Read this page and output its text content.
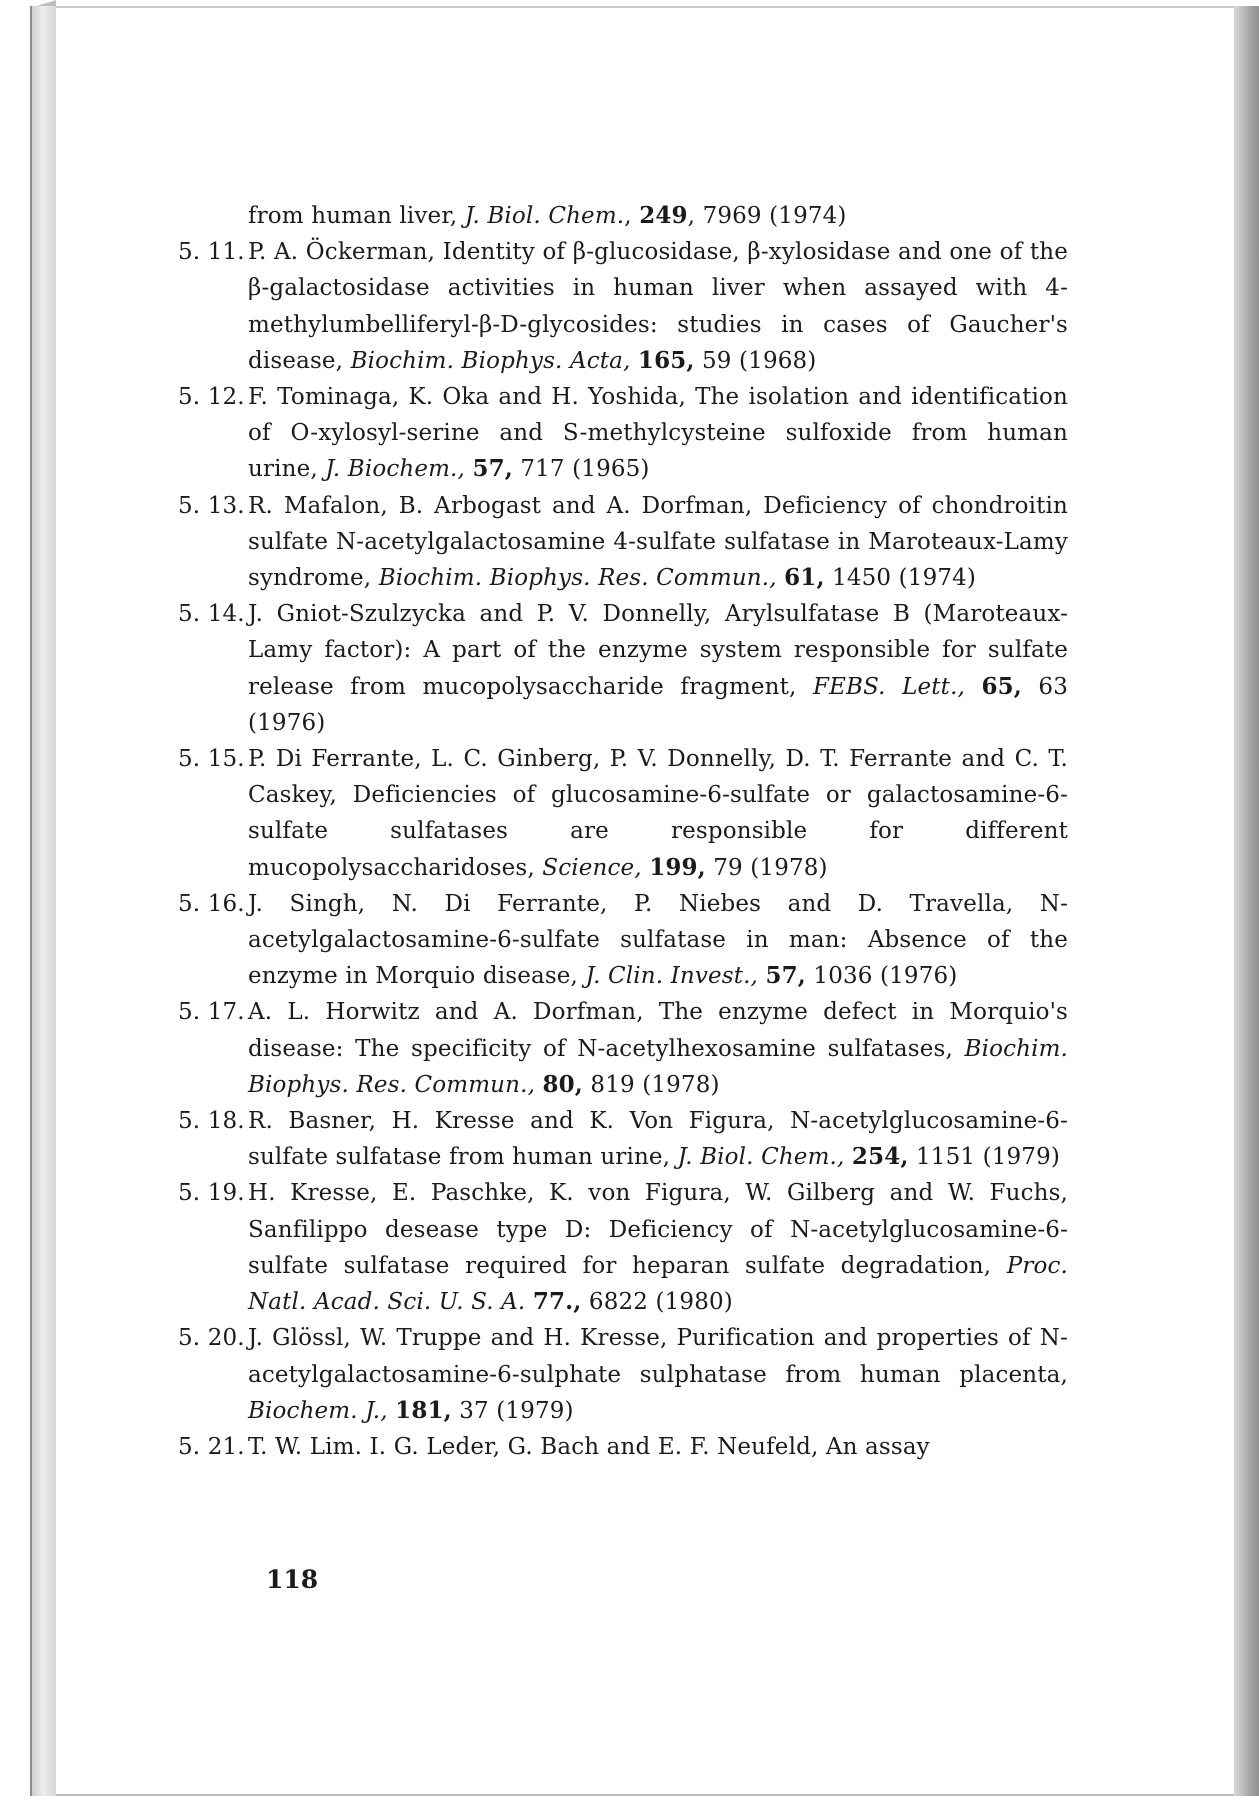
from human liver, J. Biol. Chem., 249, 7969 (1974)
5. 11. P. A. Öckerman, Identity of β-glucosidase, β-xylosidase and one of the β-galactosidase activities in human liver when assayed with 4-methylumbelliferyl-β-D-glycosides: studies in cases of Gaucher's disease, Biochim. Biophys. Acta, 165, 59 (1968)
5. 12. F. Tominaga, K. Oka and H. Yoshida, The isolation and identification of O-xylosyl-serine and S-methylcysteine sulfoxide from human urine, J. Biochem., 57, 717 (1965)
5. 13. R. Mafalon, B. Arbogast and A. Dorfman, Deficiency of chondroitin sulfate N-acetylgalactosamine 4-sulfate sulfatase in Maroteaux-Lamy syndrome, Biochim. Biophys. Res. Commun., 61, 1450 (1974)
5. 14. J. Gniot-Szulzycka and P. V. Donnelly, Arylsulfatase B (Maroteaux-Lamy factor): A part of the enzyme system responsible for sulfate release from mucopolysaccharide fragment, FEBS. Lett., 65, 63 (1976)
5. 15. P. Di Ferrante, L. C. Ginberg, P. V. Donnelly, D. T. Ferrante and C. T. Caskey, Deficiencies of glucosamine-6-sulfate or galactosamine-6-sulfate sulfatases are responsible for different mucopolysaccharidoses, Science, 199, 79 (1978)
5. 16. J. Singh, N. Di Ferrante, P. Niebes and D. Travella, N-acetylgalactosamine-6-sulfate sulfatase in man: Absence of the enzyme in Morquio disease, J. Clin. Invest., 57, 1036 (1976)
5. 17. A. L. Horwitz and A. Dorfman, The enzyme defect in Morquio's disease: The specificity of N-acetylhexosamine sulfatases, Biochim. Biophys. Res. Commun., 80, 819 (1978)
5. 18. R. Basner, H. Kresse and K. Von Figura, N-acetylglucosamine-6-sulfate sulfatase from human urine, J. Biol. Chem., 254, 1151 (1979)
5. 19. H. Kresse, E. Paschke, K. von Figura, W. Gilberg and W. Fuchs, Sanfilippo desease type D: Deficiency of N-acetylglucosamine-6-sulfate sulfatase required for heparan sulfate degradation, Proc. Natl. Acad. Sci. U. S. A. 77., 6822 (1980)
5. 20. J. Glössl, W. Truppe and H. Kresse, Purification and properties of N-acetylgalactosamine-6-sulphate sulphatase from human placenta, Biochem. J., 181, 37 (1979)
5. 21. T. W. Lim. I. G. Leder, G. Bach and E. F. Neufeld, An assay
118
